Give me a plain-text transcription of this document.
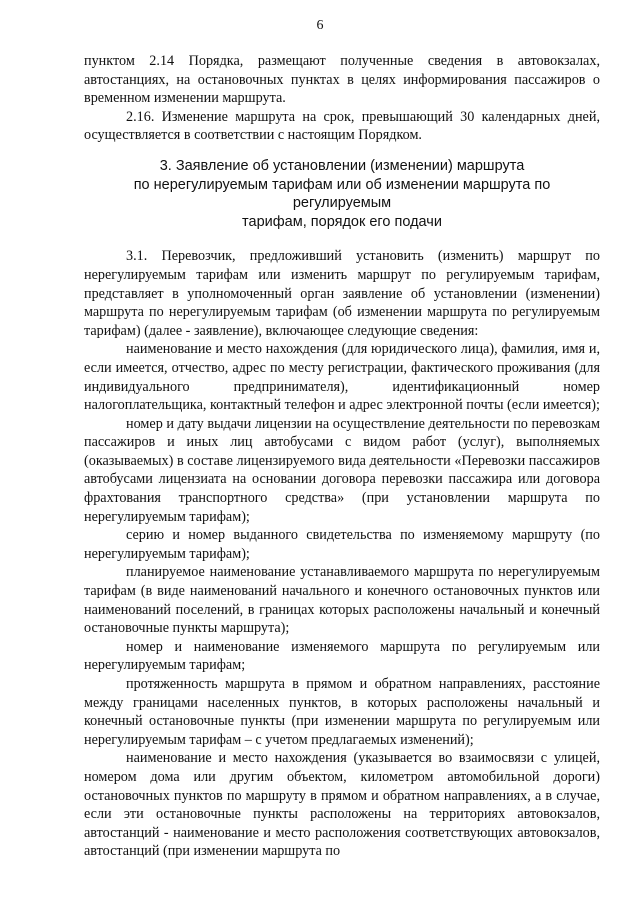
6

пунктом 2.14 Порядка, размещают полученные сведения в автовокзалах, автостанциях, на остановочных пунктах в целях информирования пассажиров о временном изменении маршрута.

2.16. Изменение маршрута на срок, превышающий 30 календарных дней, осуществляется в соответствии с настоящим Порядком.

3. Заявление об установлении (изменении) маршрута
по нерегулируемым тарифам или об изменении маршрута по регулируемым
тарифам, порядок его подачи

3.1. Перевозчик, предложивший установить (изменить) маршрут по нерегулируемым тарифам или изменить маршрут по регулируемым тарифам, представляет в уполномоченный орган заявление об установлении (изменении) маршрута по нерегулируемым тарифам (об изменении маршрута по регулируемым тарифам) (далее - заявление), включающее следующие сведения:

наименование и место нахождения (для юридического лица), фамилия, имя и, если имеется, отчество, адрес по месту регистрации, фактического проживания (для индивидуального предпринимателя), идентификационный номер налогоплательщика, контактный телефон и адрес электронной почты (если имеется);

номер и дату выдачи лицензии на осуществление деятельности по перевозкам пассажиров и иных лиц автобусами с видом работ (услуг), выполняемых (оказываемых) в составе лицензируемого вида деятельности «Перевозки пассажиров автобусами лицензиата на основании договора перевозки пассажира или договора фрахтования транспортного средства» (при установлении маршрута по нерегулируемым тарифам);

серию и номер выданного свидетельства по изменяемому маршруту (по нерегулируемым тарифам);

планируемое наименование устанавливаемого маршрута по нерегулируемым тарифам (в виде наименований начального и конечного остановочных пунктов или наименований поселений, в границах которых расположены начальный и конечный остановочные пункты маршрута);

номер и наименование изменяемого маршрута по регулируемым или нерегулируемым тарифам;

протяженность маршрута в прямом и обратном направлениях, расстояние между границами населенных пунктов, в которых расположены начальный и конечный остановочные пункты (при изменении маршрута по регулируемым или нерегулируемым тарифам – с учетом предлагаемых изменений);

наименование и место нахождения (указывается во взаимосвязи с улицей, номером дома или другим объектом, километром автомобильной дороги) остановочных пунктов по маршруту в прямом и обратном направлениях, а в случае, если эти остановочные пункты расположены на территориях автовокзалов, автостанций - наименование и место расположения соответствующих автовокзалов, автостанций (при изменении маршрута по
